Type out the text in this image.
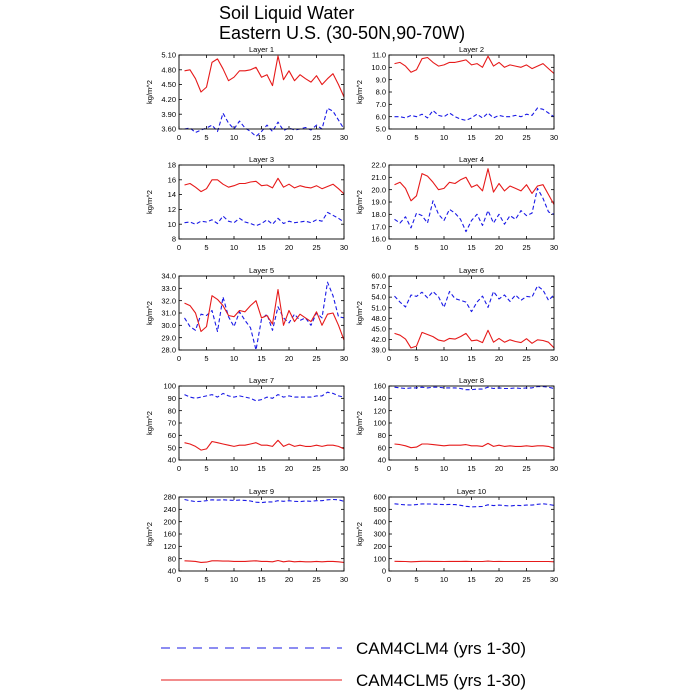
Soil Liquid Water
Eastern U.S. (30-50N,90-70W)
Layer 1
kg/m^2
3.60
3.90
4.20
4.50
4.80
5.10
0	5	10	15	20	25	30
Layer 2
kg/m^2
5.0
6.0
7.0
8.0
9.0
10.0
11.0
0	5	10	15	20	25	30
Layer 3
kg/m^2
8
10
12
14
16
18
0	5	10	15	20	25	30
Layer 4
kg/m^2
16.0
17.0
18.0
19.0
20.0
21.0
22.0
0	5	10	15	20	25	30
Layer 5
kg/m^2
28.0
29.0
30.0
31.0
32.0
33.0
34.0
0	5	10	15	20	25	30
Layer 6
kg/m^2
39.0
42.0
45.0
48.0
51.0
54.0
57.0
60.0
0	5	10	15	20	25	30
Layer 7
kg/m^2
40
50
60
70
80
90
100
0	5	10	15	20	25	30
Layer 8
kg/m^2
40
60
80
100
120
140
160
0	5	10	15	20	25	30
Layer 9
kg/m^2
40
80
120
160
200
240
280
0	5	10	15	20	25	30
Layer 10
kg/m^2
0
100
200
300
400
500
600
0	5	10	15	20	25	30
CAM4CLM4 (yrs 1-30)
CAM4CLM5 (yrs 1-30)
